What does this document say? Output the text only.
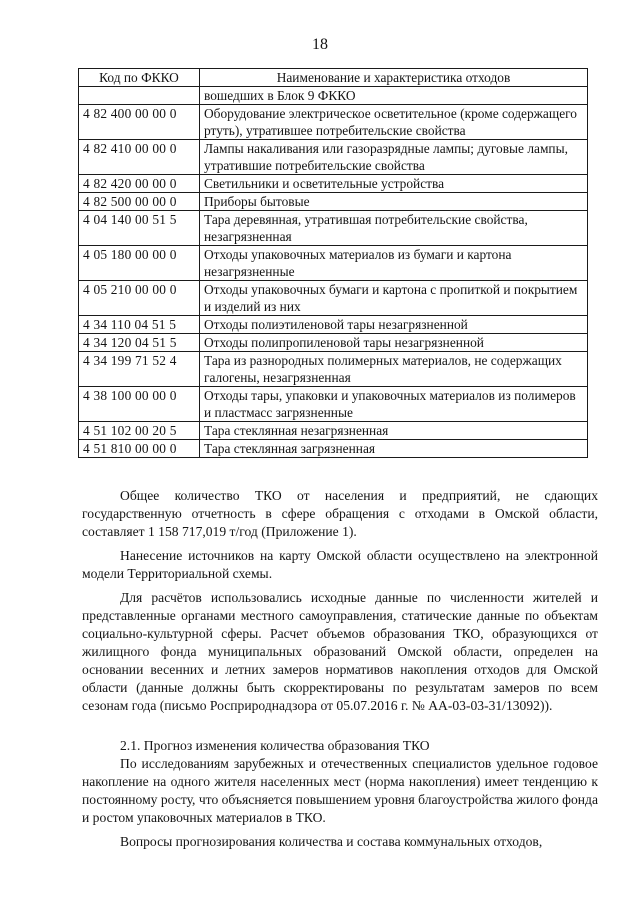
18
Код по ФККО	Наименование и характеристика отходов
	вошедших в Блок 9 ФККО
4 82 400 00 00 0	Оборудование электрическое осветительное (кроме содержащего ртуть), утратившее потребительские свойства
4 82 410 00 00 0	Лампы накаливания или газоразрядные лампы; дуговые лампы, утратившие потребительские свойства
4 82 420 00 00 0	Светильники и осветительные устройства
4 82 500 00 00 0	Приборы бытовые
4 04 140 00 51 5	Тара деревянная, утратившая потребительские свойства, незагрязненная
4 05 180 00 00 0	Отходы упаковочных материалов из бумаги и картона незагрязненные
4 05 210 00 00 0	Отходы упаковочных бумаги и картона с пропиткой и покрытием и изделий из них
4 34 110 04 51 5	Отходы полиэтиленовой тары незагрязненной
4 34 120 04 51 5	Отходы полипропиленовой тары незагрязненной
4 34 199 71 52 4	Тара из разнородных полимерных материалов, не содержащих галогены, незагрязненная
4 38 100 00 00 0	Отходы тары, упаковки и упаковочных материалов из полимеров и пластмасс загрязненные
4 51 102 00 20 5	Тара стеклянная незагрязненная
4 51 810 00 00 0	Тара стеклянная загрязненная

Общее количество ТКО от населения и предприятий, не сдающих государственную отчетность в сфере обращения с отходами в Омской области, составляет 1 158 717,019 т/год (Приложение 1).

Нанесение источников на карту Омской области осуществлено на электронной модели Территориальной схемы.

Для расчётов использовались исходные данные по численности жителей и представленные органами местного самоуправления, статические данные по объектам социально-культурной сферы. Расчет объемов образования ТКО, образующихся от жилищного фонда муниципальных образований Омской области, определен на основании весенних и летних замеров нормативов накопления отходов для Омской области (данные должны быть скорректированы по результатам замеров по всем сезонам года (письмо Росприроднадзора от 05.07.2016 г. № АА-03-03-31/13092)).

2.1. Прогноз изменения количества образования ТКО

По исследованиям зарубежных и отечественных специалистов удельное годовое накопление на одного жителя населенных мест (норма накопления) имеет тенденцию к постоянному росту, что объясняется повышением уровня благоустройства жилого фонда и ростом упаковочных материалов в ТКО.

Вопросы прогнозирования количества и состава коммунальных отходов,
